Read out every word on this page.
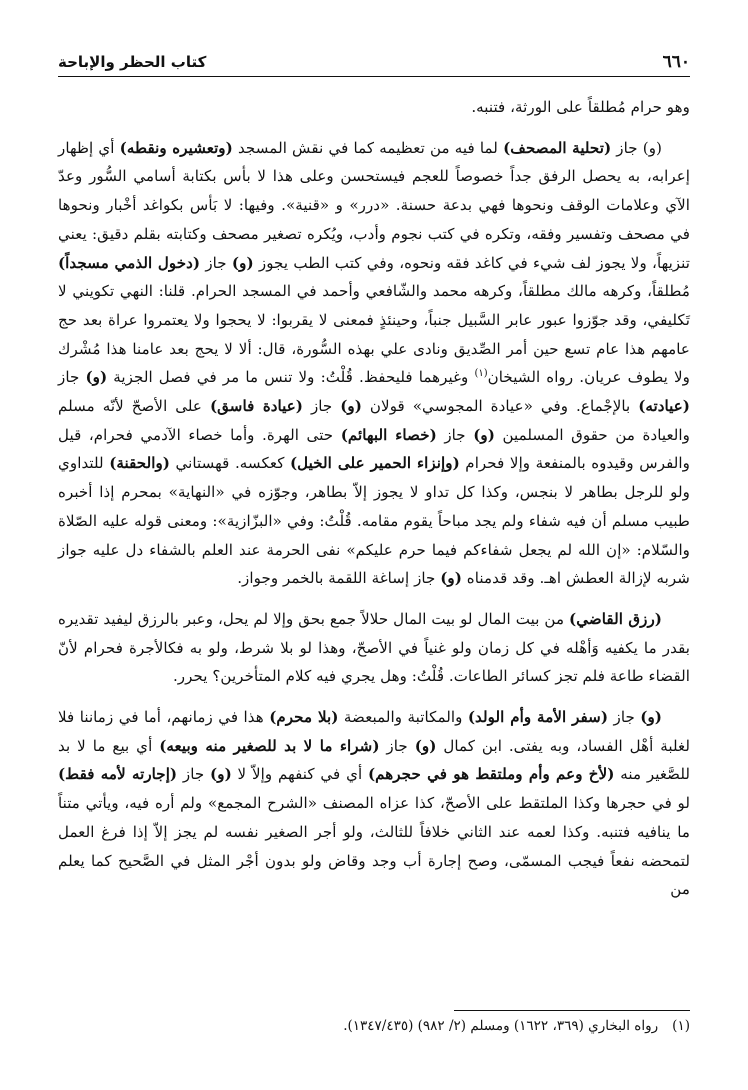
٦٦٠
كتاب الحظر والإباحة

وهو حرام مُطلقاً على الورثة، فتنبه.

(و) جاز (تحلية المصحف) لما فيه من تعظيمه كما في نقش المسجد (وتعشيره ونقطه) أي إظهار إعرابه، به يحصل الرفق جداً خصوصاً للعجم فيستحسن وعلى هذا لا بأس بكتابة أسامي السُّور وعدّ الآي وعلامات الوقف ونحوها فهي بدعة حسنة. «درر» و «قنية». وفيها: لا بَأس بكواغد أخْبار ونحوها في مصحف وتفسير وفقه، وتكره في كتب نجوم وأدب، ويُكره تصغير مصحف وكتابته بقلم دقيق: يعني تنزيهاً، ولا يجوز لف شيء في كاغد فقه ونحوه، وفي كتب الطب يجوز (و) جاز (دخول الذمي مسجداً) مُطلقاً، وكرهه مالك مطلقاً، وكرهه محمد والشّافعي وأحمد في المسجد الحرام. قلنا: النهي تكويني لا تَكليفي، وقد جوّزوا عبور عابر السَّبيل جنباً، وحينئذٍ فمعنى لا يقربوا: لا يحجوا ولا يعتمروا عراة بعد حج عامهم هذا عام تسع حين أمر الصِّديق ونادى علي بهذه السُّورة، قال: ألا لا يحج بعد عامنا هذا مُشْرك ولا يطوف عريان. رواه الشيخان$^{(١)}$ وغيرهما فليحفظ. قُلْتُ: ولا تنس ما مر في فصل الجزية (و) جاز (عيادته) بالإجْماع. وفي «عيادة المجوسي» قولان (و) جاز (عيادة فاسق) على الأصحّ لأنّه مسلم والعيادة من حقوق المسلمين (و) جاز (خصاء البهائم) حتى الهرة. وأما خصاء الآدمي فحرام، قيل والفرس وقيدوه بالمنفعة وإلا فحرام (وإنزاء الحمير على الخيل) كعكسه. قهستاني (والحقنة) للتداوي ولو للرجل بطاهر لا بنجس، وكذا كل تداو لا يجوز إلاّ بطاهر، وجوّزه في «النهاية» بمحرم إذا أخبره طبيب مسلم أن فيه شفاء ولم يجد مباحاً يقوم مقامه. قُلْتُ: وفي «البزّازية»: ومعنى قوله عليه الصّلاة والسّلام: «إن الله لم يجعل شفاءكم فيما حرم عليكم» نفى الحرمة عند العلم بالشفاء دل عليه جواز شربه لإزالة العطش اهـ. وقد قدمناه (و) جاز إساغة اللقمة بالخمر وجواز.

(رزق القاضي) من بيت المال لو بيت المال حلالاً جمع بحق وإلا لم يحل، وعبر بالرزق ليفيد تقديره بقدر ما يكفيه وَأهْله في كل زمان ولو غنياً في الأصحّ، وهذا لو بلا شرط، ولو به فكالأجرة فحرام لأنّ القضاء طاعة فلم تجز كسائر الطاعات. قُلْتُ: وهل يجري فيه كلام المتأخرين؟ يحرر.

(و) جاز (سفر الأمة وأم الولد) والمكاتبة والمبعضة (بلا محرم) هذا في زمانهم، أما في زماننا فلا لغلبة أهْل الفساد، وبه يفتى. ابن كمال (و) جاز (شراء ما لا بد للصغير منه وبيعه) أي بيع ما لا بد للصَّغير منه (لأخ وعم وأم وملتقط هو في حجرهم) أي في كنفهم وإلاّ لا (و) جاز (إجارته لأمه فقط) لو في حجرها وكذا الملتقط على الأصحّ، كذا عزاه المصنف «الشرح المجمع» ولم أره فيه، ويأتي متناً ما ينافيه فتنبه. وكذا لعمه عند الثاني خلافاً للثالث، ولو أجر الصغير نفسه لم يجز إلاّ إذا فرغ العمل لتمحضه نفعاً فيجب المسمّى، وصح إجارة أب وجد وقاض ولو بدون أجْر المثل في الصَّحيح كما يعلم من

(١)
رواه البخاري (٣٦٩، ١٦٢٢) ومسلم (٢/ ٩٨٢) (١٣٤٧/٤٣٥).
